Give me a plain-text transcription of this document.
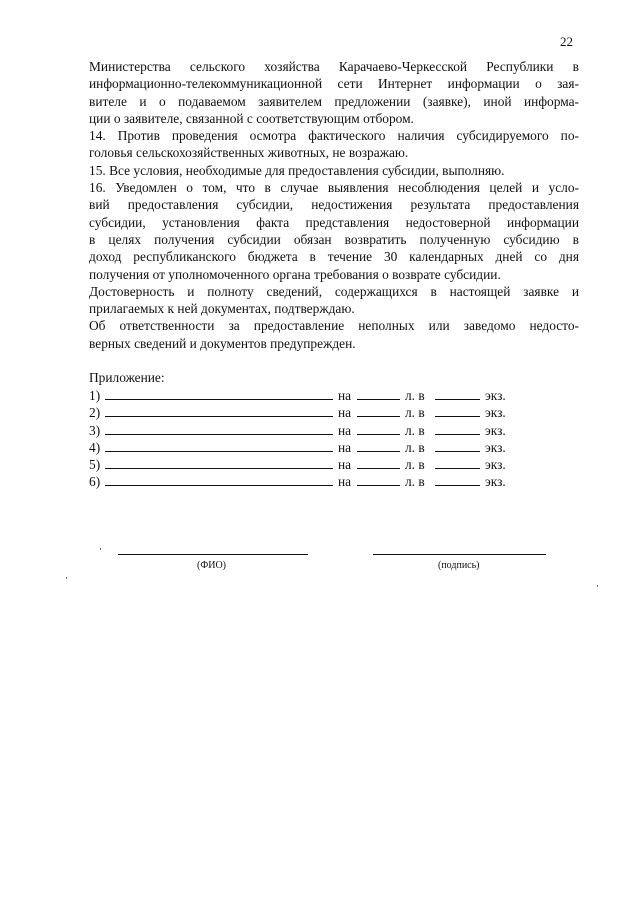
22
Министерства сельского хозяйства Карачаево-Черкесской Республики в
информационно-телекоммуникационной сети Интернет информации о зая-
вителе и о подаваемом заявителем предложении (заявке), иной информа-
ции о заявителе, связанной с соответствующим отбором.
14. Против проведения осмотра фактического наличия субсидируемого по-
головья сельскохозяйственных животных, не возражаю.
15. Все условия, необходимые для предоставления субсидии, выполняю.
16. Уведомлен о том, что в случае выявления несоблюдения целей и усло-
вий предоставления субсидии, недостижения результата предоставления
субсидии, установления факта представления недостоверной информации
в целях получения субсидии обязан возвратить полученную субсидию в
доход республиканского бюджета в течение 30 календарных дней со дня
получения от уполномоченного органа требования о возврате субсидии.
Достоверность и полноту сведений, содержащихся в настоящей заявке и
прилагаемых к ней документах, подтверждаю.
Об ответственности за предоставление неполных или заведомо недосто-
верных сведений и документов предупрежден.
Приложение:
1)	на	л. в	экз.
2)	на	л. в	экз.
3)	на	л. в	экз.
4)	на	л. в	экз.
5)	на	л. в	экз.
6)	на	л. в	экз.
(ФИО)	(подпись)
